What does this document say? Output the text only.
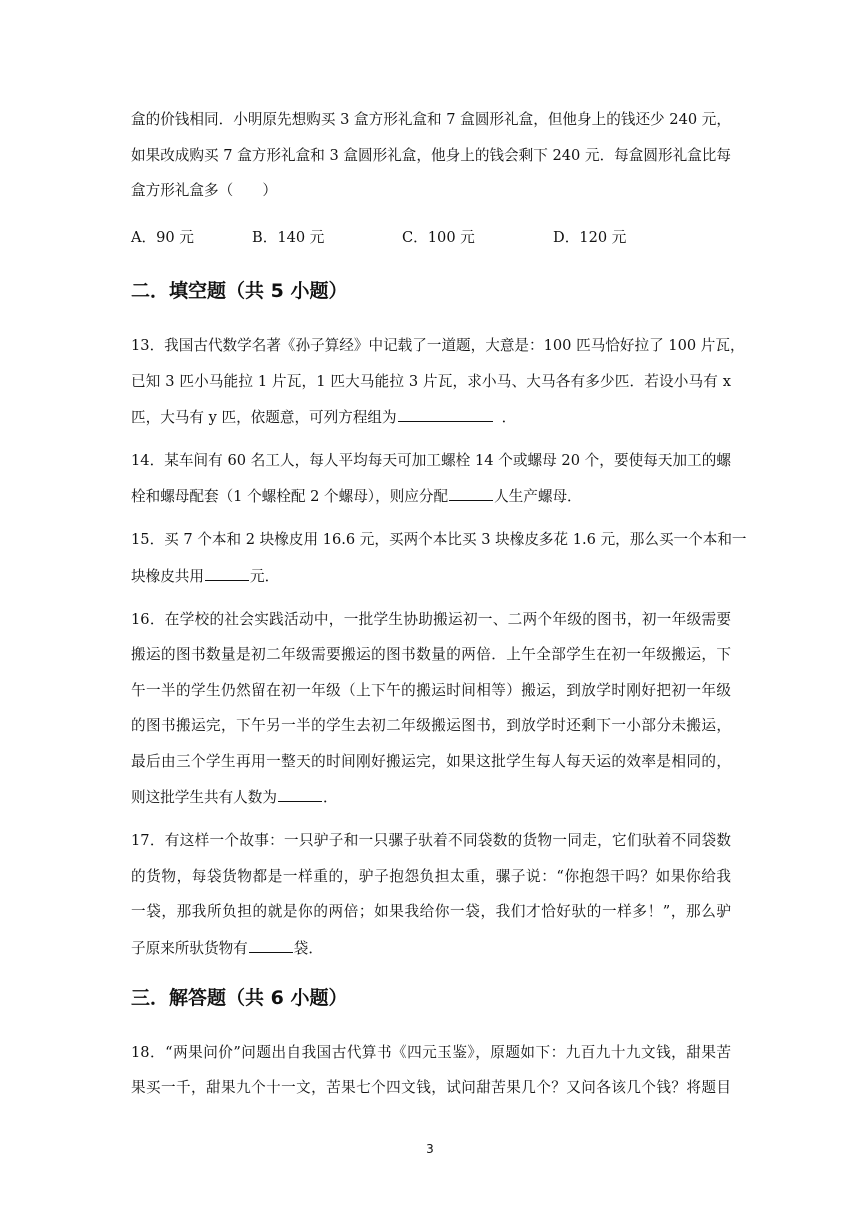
盒的价钱相同．小明原先想购买 3 盒方形礼盒和 7 盒圆形礼盒，但他身上的钱还少 240 元，
如果改成购买 7 盒方形礼盒和 3 盒圆形礼盒，他身上的钱会剩下 240 元．每盒圆形礼盒比每
盒方形礼盒多（　　）
A．90 元	B．140 元	C．100 元	D．120 元
二．填空题（共 5 小题）
13．我国古代数学名著《孙子算经》中记载了一道题，大意是：100 匹马恰好拉了 100 片瓦，
已知 3 匹小马能拉 1 片瓦，1 匹大马能拉 3 片瓦，求小马、大马各有多少匹．若设小马有 x
匹，大马有 y 匹，依题意，可列方程组为	．
14．某车间有 60 名工人，每人平均每天可加工螺栓 14 个或螺母 20 个，要使每天加工的螺
栓和螺母配套（1 个螺栓配 2 个螺母），则应分配	人生产螺母．
15．买 7 个本和 2 块橡皮用 16.6 元，买两个本比买 3 块橡皮多花 1.6 元，那么买一个本和一
块橡皮共用	元．
16．在学校的社会实践活动中，一批学生协助搬运初一、二两个年级的图书，初一年级需要
搬运的图书数量是初二年级需要搬运的图书数量的两倍．上午全部学生在初一年级搬运，下
午一半的学生仍然留在初一年级（上下午的搬运时间相等）搬运，到放学时刚好把初一年级
的图书搬运完，下午另一半的学生去初二年级搬运图书，到放学时还剩下一小部分未搬运，
最后由三个学生再用一整天的时间刚好搬运完，如果这批学生每人每天运的效率是相同的，
则这批学生共有人数为	．
17．有这样一个故事：一只驴子和一只骡子驮着不同袋数的货物一同走，它们驮着不同袋数
的货物，每袋货物都是一样重的，驴子抱怨负担太重，骡子说：“你抱怨干吗？如果你给我
一袋，那我所负担的就是你的两倍；如果我给你一袋，我们才恰好驮的一样多！”，那么驴
子原来所驮货物有	袋．
三．解答题（共 6 小题）
18．“两果问价”问题出自我国古代算书《四元玉鉴》，原题如下：九百九十九文钱，甜果苦
果买一千，甜果九个十一文，苦果七个四文钱，试问甜苦果几个？又问各该几个钱？将题目
3
